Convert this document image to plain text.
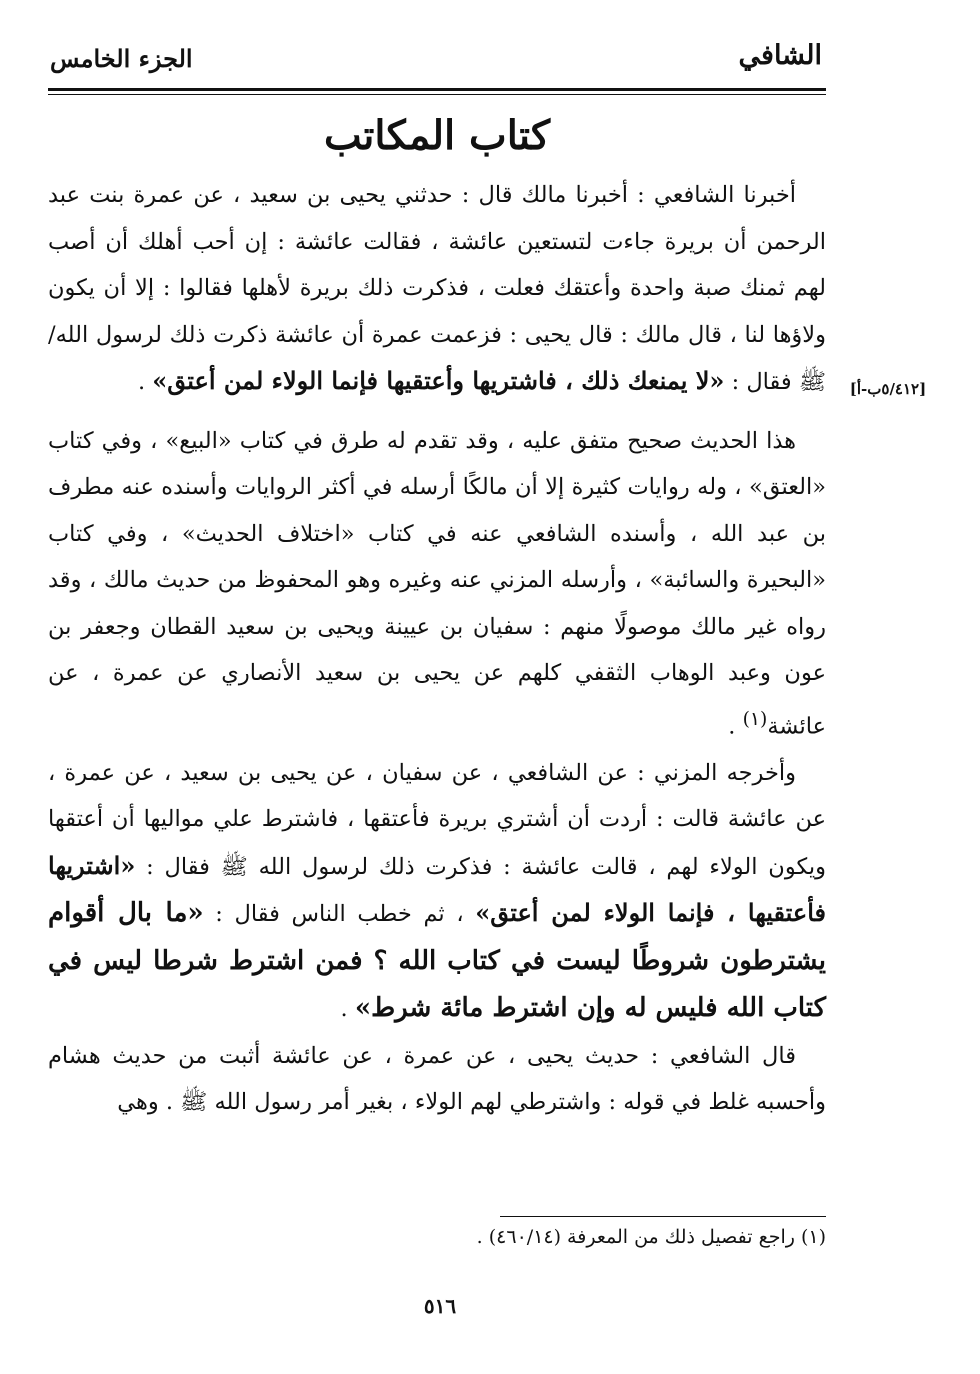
الشافي
الجزء الخامس
كتاب المكاتب
[٥/٤١٢ب-أ]

أخبرنا الشافعي : أخبرنا مالك قال : حدثني يحيى بن سعيد ، عن عمرة بنت عبد الرحمن أن بريرة جاءت لتستعين عائشة ، فقالت عائشة : إن أحب أهلك أن أصب لهم ثمنك صبة واحدة وأعتقك فعلت ، فذكرت ذلك بريرة لأهلها فقالوا : إلا أن يكون ولاؤها لنا ، قال مالك : قال يحيى : فزعمت عمرة أن عائشة ذكرت ذلك لرسول الله/ ﷺ فقال : «لا يمنعك ذلك ، فاشتريها وأعتقيها فإنما الولاء لمن أعتق» .

هذا الحديث صحيح متفق عليه ، وقد تقدم له طرق في كتاب «البيع» ، وفي كتاب «العتق» ، وله روايات كثيرة إلا أن مالكًا أرسله في أكثر الروايات وأسنده عنه مطرف بن عبد الله ، وأسنده الشافعي عنه في كتاب «اختلاف الحديث» ، وفي كتاب «البحيرة والسائبة» ، وأرسله المزني عنه وغيره وهو المحفوظ من حديث مالك ، وقد رواه غير مالك موصولًا منهم : سفيان بن عيينة ويحيى بن سعيد القطان وجعفر بن عون وعبد الوهاب الثقفي كلهم عن يحيى بن سعيد الأنصاري عن عمرة ، عن عائشة$^{(١)}$ .

وأخرجه المزني : عن الشافعي ، عن سفيان ، عن يحيى بن سعيد ، عن عمرة ، عن عائشة قالت : أردت أن أشتري بريرة فأعتقها ، فاشترط علي مواليها أن أعتقها ويكون الولاء لهم ، قالت عائشة : فذكرت ذلك لرسول الله ﷺ فقال : «اشتريها فأعتقيها ، فإنما الولاء لمن أعتق» ، ثم خطب الناس فقال : «ما بال أقوام يشترطون شروطًا ليست في كتاب الله ؟ فمن اشترط شرطا ليس في كتاب الله فليس له وإن اشترط مائة شرط» .

قال الشافعي : حديث يحيى ، عن عمرة ، عن عائشة أثبت من حديث هشام وأحسبه غلط في قوله : واشترطي لهم الولاء ، بغير أمر رسول الله ﷺ . وهي

(١) راجع تفصيل ذلك من المعرفة (٤٦٠/١٤) .
٥١٦
